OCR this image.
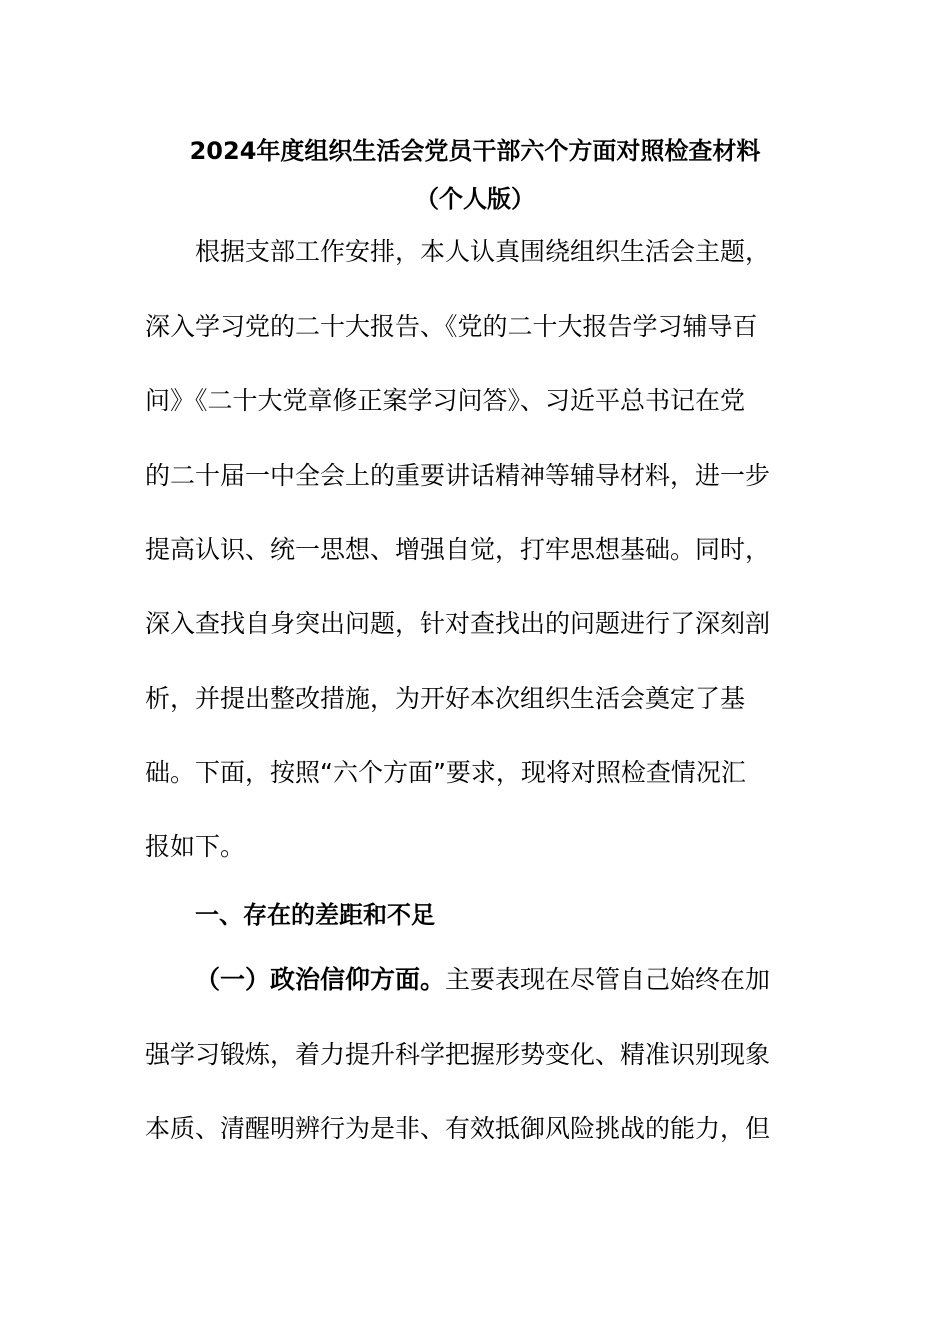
2024年度组织生活会党员干部六个方面对照检查材料
（个人版）
根据支部工作安排，本人认真围绕组织生活会主题，
深入学习党的二十大报告、《党的二十大报告学习辅导百
问》《二十大党章修正案学习问答》、习近平总书记在党
的二十届一中全会上的重要讲话精神等辅导材料，进一步
提高认识、统一思想、增强自觉，打牢思想基础。同时，
深入查找自身突出问题，针对查找出的问题进行了深刻剖
析，并提出整改措施，为开好本次组织生活会奠定了基
础。下面，按照“六个方面”要求，现将对照检查情况汇
报如下。
一、存在的差距和不足
（一）政治信仰方面。主要表现在尽管自己始终在加
强学习锻炼，着力提升科学把握形势变化、精准识别现象
本质、清醒明辨行为是非、有效抵御风险挑战的能力，但
